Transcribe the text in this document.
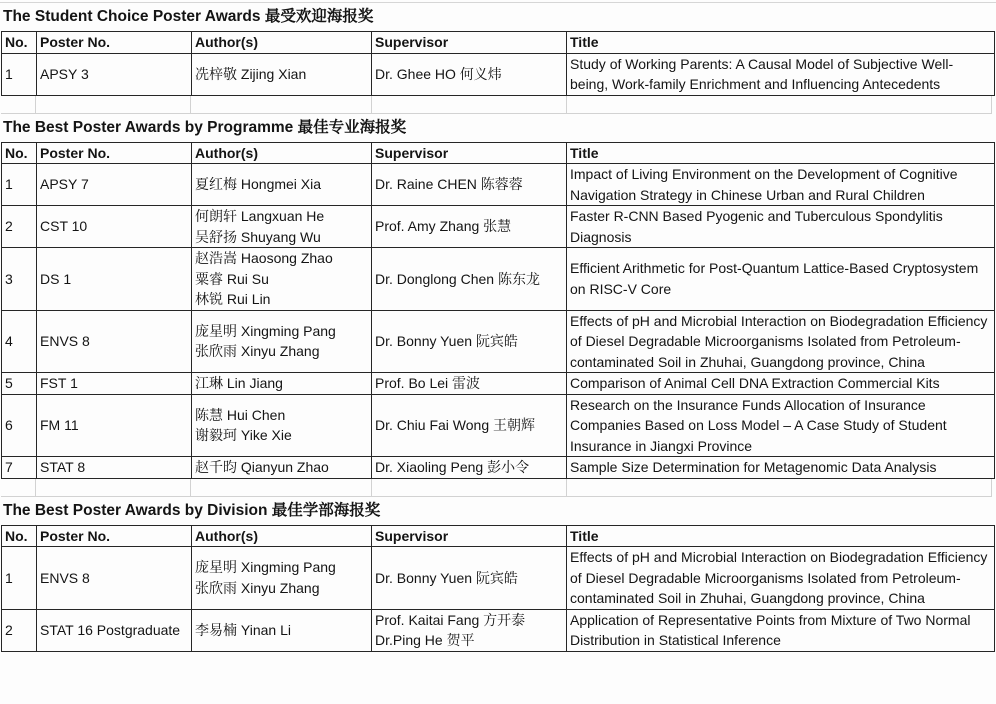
The Student Choice Poster Awards 最受欢迎海报奖
No.	Poster No.	Author(s)	Supervisor	Title
1	APSY 3	冼梓敬 Zijing Xian	Dr. Ghee HO 何义炜	Study of Working Parents: A Causal Model of Subjective Well-being, Work-family Enrichment and Influencing Antecedents
The Best Poster Awards by Programme 最佳专业海报奖
No.	Poster No.	Author(s)	Supervisor	Title
1	APSY 7	夏红梅 Hongmei Xia	Dr. Raine CHEN 陈蓉蓉	Impact of Living Environment on the Development of Cognitive Navigation Strategy in Chinese Urban and Rural Children
2	CST 10	何朗轩 Langxuan He
吴舒扬 Shuyang Wu	Prof. Amy Zhang 张慧	Faster R-CNN Based Pyogenic and Tuberculous Spondylitis Diagnosis
3	DS 1	赵浩嵩 Haosong Zhao
粟睿 Rui Su
林锐 Rui Lin	Dr. Donglong Chen 陈东龙	Efficient Arithmetic for Post-Quantum Lattice-Based Cryptosystem on RISC-V Core
4	ENVS 8	庞星明 Xingming Pang
张欣雨 Xinyu Zhang	Dr. Bonny Yuen 阮宾皓	Effects of pH and Microbial Interaction on Biodegradation Efficiency of Diesel Degradable Microorganisms Isolated from Petroleum-contaminated Soil in Zhuhai, Guangdong province, China
5	FST 1	江琳 Lin Jiang	Prof. Bo Lei 雷波	Comparison of Animal Cell DNA Extraction Commercial Kits
6	FM 11	陈慧 Hui Chen
谢毅珂 Yike Xie	Dr. Chiu Fai Wong 王朝辉	Research on the Insurance Funds Allocation of Insurance Companies Based on Loss Model – A Case Study of Student Insurance in Jiangxi Province
7	STAT 8	赵千昀 Qianyun Zhao	Dr. Xiaoling Peng 彭小令	Sample Size Determination for Metagenomic Data Analysis
The Best Poster Awards by Division 最佳学部海报奖
No.	Poster No.	Author(s)	Supervisor	Title
1	ENVS 8	庞星明 Xingming Pang
张欣雨 Xinyu Zhang	Dr. Bonny Yuen 阮宾皓	Effects of pH and Microbial Interaction on Biodegradation Efficiency of Diesel Degradable Microorganisms Isolated from Petroleum-contaminated Soil in Zhuhai, Guangdong province, China
2	STAT 16 Postgraduate	李易楠 Yinan Li	Prof. Kaitai Fang 方开泰
Dr.Ping He 贺平	Application of Representative Points from Mixture of Two Normal Distribution in Statistical Inference
